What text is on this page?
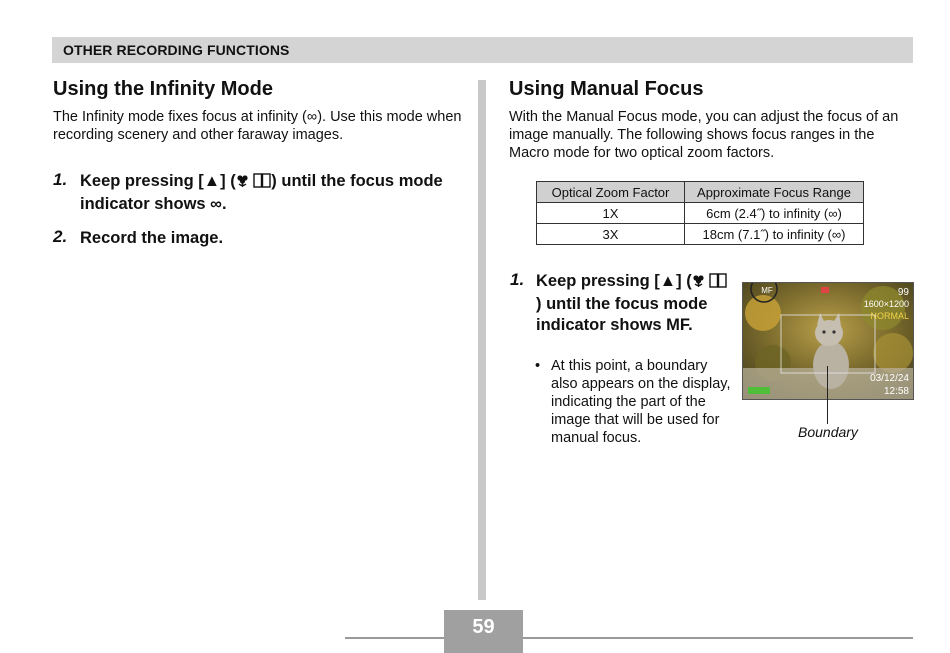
OTHER RECORDING FUNCTIONS
Using the Infinity Mode

The Infinity mode fixes focus at infinity (∞). Use this mode when recording scenery and other faraway images.

1. Keep pressing [▲] ( ) until the focus mode indicator shows ∞.
2. Record the image.
Using Manual Focus

With the Manual Focus mode, you can adjust the focus of an image manually. The following shows focus ranges in the Macro mode for two optical zoom factors.

Optical Zoom Factor	Approximate Focus Range
1X	6cm (2.4˝) to infinity (∞)
3X	18cm (7.1˝) to infinity (∞)
1. Keep pressing [▲] ( ) until the focus mode indicator shows MF.
• At this point, a boundary also appears on the display, indicating the part of the image that will be used for manual focus.
MF	99
1600×1200
NORMAL
03/12/24
12:58
Boundary
59
